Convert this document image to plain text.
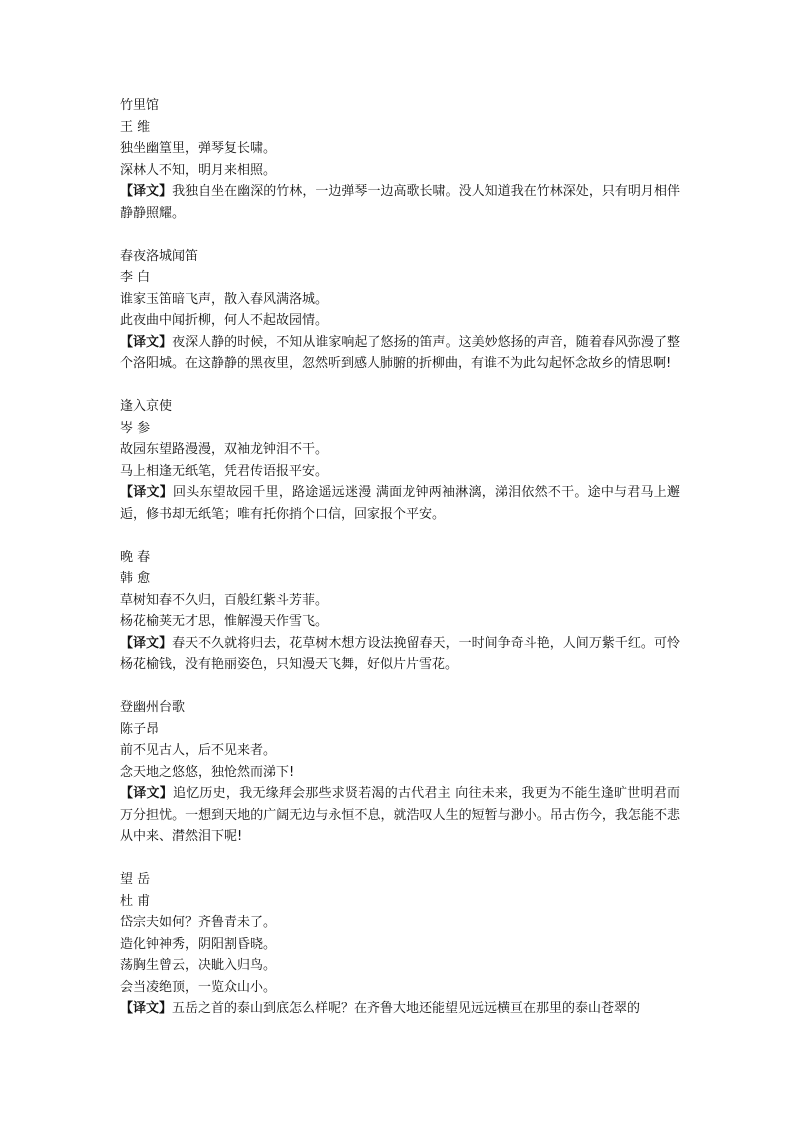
竹里馆
王 维
独坐幽篁里，弹琴复长啸。
深林人不知，明月来相照。
【译文】我独自坐在幽深的竹林，一边弹琴一边高歌长啸。没人知道我在竹林深处，只有明月相伴静静照耀。
春夜洛城闻笛
李 白
谁家玉笛暗飞声，散入春风满洛城。
此夜曲中闻折柳，何人不起故园情。
【译文】夜深人静的时候，不知从谁家响起了悠扬的笛声。这美妙悠扬的声音，随着春风弥漫了整个洛阳城。在这静静的黑夜里，忽然听到感人肺腑的折柳曲，有谁不为此勾起怀念故乡的情思啊!
逢入京使
岑 参
故园东望路漫漫，双袖龙钟泪不干。
马上相逢无纸笔，凭君传语报平安。
【译文】回头东望故园千里，路途遥远迷漫 满面龙钟两袖淋漓，涕泪依然不干。途中与君马上邂逅，修书却无纸笔；唯有托你捎个口信，回家报个平安。
晚 春
韩 愈
草树知春不久归，百般红紫斗芳菲。
杨花榆荚无才思，惟解漫天作雪飞。
【译文】春天不久就将归去，花草树木想方设法挽留春天，一时间争奇斗艳，人间万紫千红。可怜杨花榆钱，没有艳丽姿色，只知漫天飞舞，好似片片雪花。
登幽州台歌
陈子昂
前不见古人，后不见来者。
念天地之悠悠，独怆然而涕下!
【译文】追忆历史，我无缘拜会那些求贤若渴的古代君主 向往未来，我更为不能生逢旷世明君而万分担忧。一想到天地的广阔无边与永恒不息，就浩叹人生的短暂与渺小。吊古伤今，我怎能不悲从中来、潸然泪下呢!
望 岳
杜 甫
岱宗夫如何？齐鲁青未了。
造化钟神秀，阴阳割昏晓。
荡胸生曾云，决眦入归鸟。
会当凌绝顶，一览众山小。
【译文】五岳之首的泰山到底怎么样呢？在齐鲁大地还能望见远远横亘在那里的泰山苍翠的
